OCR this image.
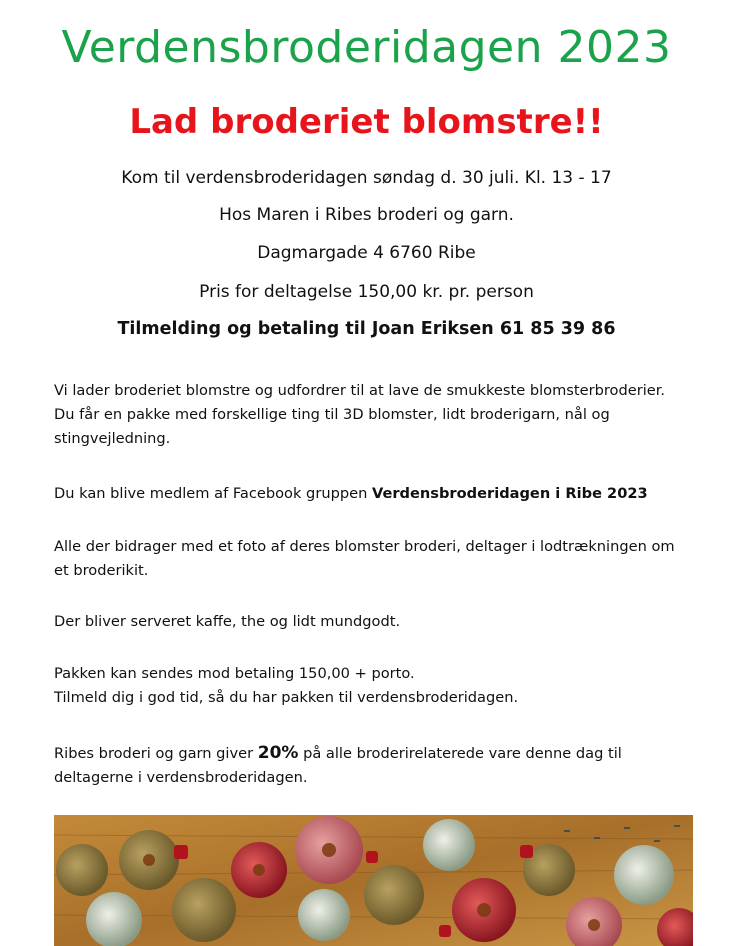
Verdensbroderidagen 2023
Lad broderiet blomstre!!
Kom til verdensbroderidagen søndag d. 30 juli. Kl. 13 - 17
Hos Maren i Ribes broderi og garn.
Dagmargade 4 6760 Ribe
Pris for deltagelse 150,00 kr. pr. person
Tilmelding og betaling til Joan Eriksen 61 85 39 86
Vi lader broderiet blomstre og udfordrer til at lave de smukkeste blomsterbroderier.
Du får en pakke med forskellige ting til 3D blomster, lidt broderigarn, nål og
stingvejledning.
Du kan blive medlem af Facebook gruppen Verdensbroderidagen i Ribe 2023
Alle der bidrager med et foto af deres blomster broderi, deltager i lodtrækningen om
et broderikit.
Der bliver serveret kaffe, the og lidt mundgodt.
Pakken kan sendes mod betaling 150,00 + porto.
Tilmeld dig i god tid, så du har pakken til verdensbroderidagen.
Ribes broderi og garn giver 20% på alle broderirelaterede vare denne dag til
deltagerne i verdensbroderidagen.
